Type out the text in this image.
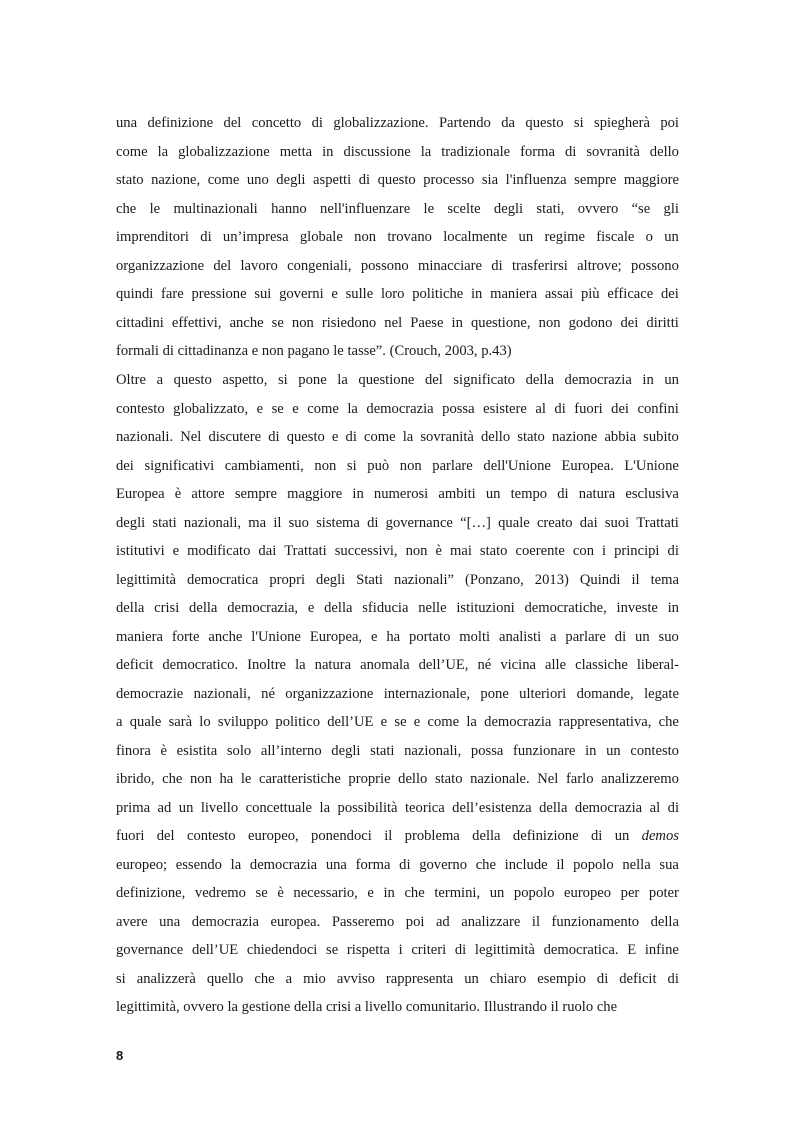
una definizione del concetto di globalizzazione. Partendo da questo si spiegherà poi
come la globalizzazione metta in discussione la tradizionale forma di sovranità dello
stato nazione, come uno degli aspetti di questo processo sia l'influenza sempre maggiore
che le multinazionali hanno nell'influenzare le scelte degli stati, ovvero “se gli
imprenditori di un’impresa globale non trovano localmente un regime fiscale o un
organizzazione del lavoro congeniali, possono minacciare di trasferirsi altrove; possono
quindi fare pressione sui governi e sulle loro politiche in maniera assai più efficace dei
cittadini effettivi, anche se non risiedono nel Paese in questione, non godono dei diritti
formali di cittadinanza e non pagano le tasse”. (Crouch, 2003, p.43)
Oltre a questo aspetto, si pone la questione del significato della democrazia in un
contesto globalizzato, e se e come la democrazia possa esistere al di fuori dei confini
nazionali. Nel discutere di questo e di come la sovranità dello stato nazione abbia subito
dei significativi cambiamenti, non si può non parlare dell'Unione Europea. L'Unione
Europea è attore sempre maggiore in numerosi ambiti un tempo di natura esclusiva
degli stati nazionali, ma il suo sistema di governance “[…] quale creato dai suoi Trattati
istitutivi e modificato dai Trattati successivi, non è mai stato coerente con i principi di
legittimità democratica propri degli Stati nazionali” (Ponzano, 2013) Quindi il tema
della crisi della democrazia, e della sfiducia nelle istituzioni democratiche, investe in
maniera forte anche l'Unione Europea, e ha portato molti analisti a parlare di un suo
deficit democratico. Inoltre la natura anomala dell’UE, né vicina alle classiche liberal-
democrazie nazionali, né organizzazione internazionale, pone ulteriori domande, legate
a quale sarà lo sviluppo politico dell’UE e se e come la democrazia rappresentativa, che
finora è esistita solo all’interno degli stati nazionali, possa funzionare in un contesto
ibrido, che non ha le caratteristiche proprie dello stato nazionale. Nel farlo analizzeremo
prima ad un livello concettuale la possibilità teorica dell’esistenza della democrazia al di
fuori del contesto europeo, ponendoci il problema della definizione di un demos
europeo; essendo la democrazia una forma di governo che include il popolo nella sua
definizione, vedremo se è necessario, e in che termini, un popolo europeo per poter
avere una democrazia europea. Passeremo poi ad analizzare il funzionamento della
governance dell’UE chiedendoci se rispetta i criteri di legittimità democratica. E infine
si analizzerà quello che a mio avviso rappresenta un chiaro esempio di deficit di
legittimità, ovvero la gestione della crisi a livello comunitario. Illustrando il ruolo che
8
